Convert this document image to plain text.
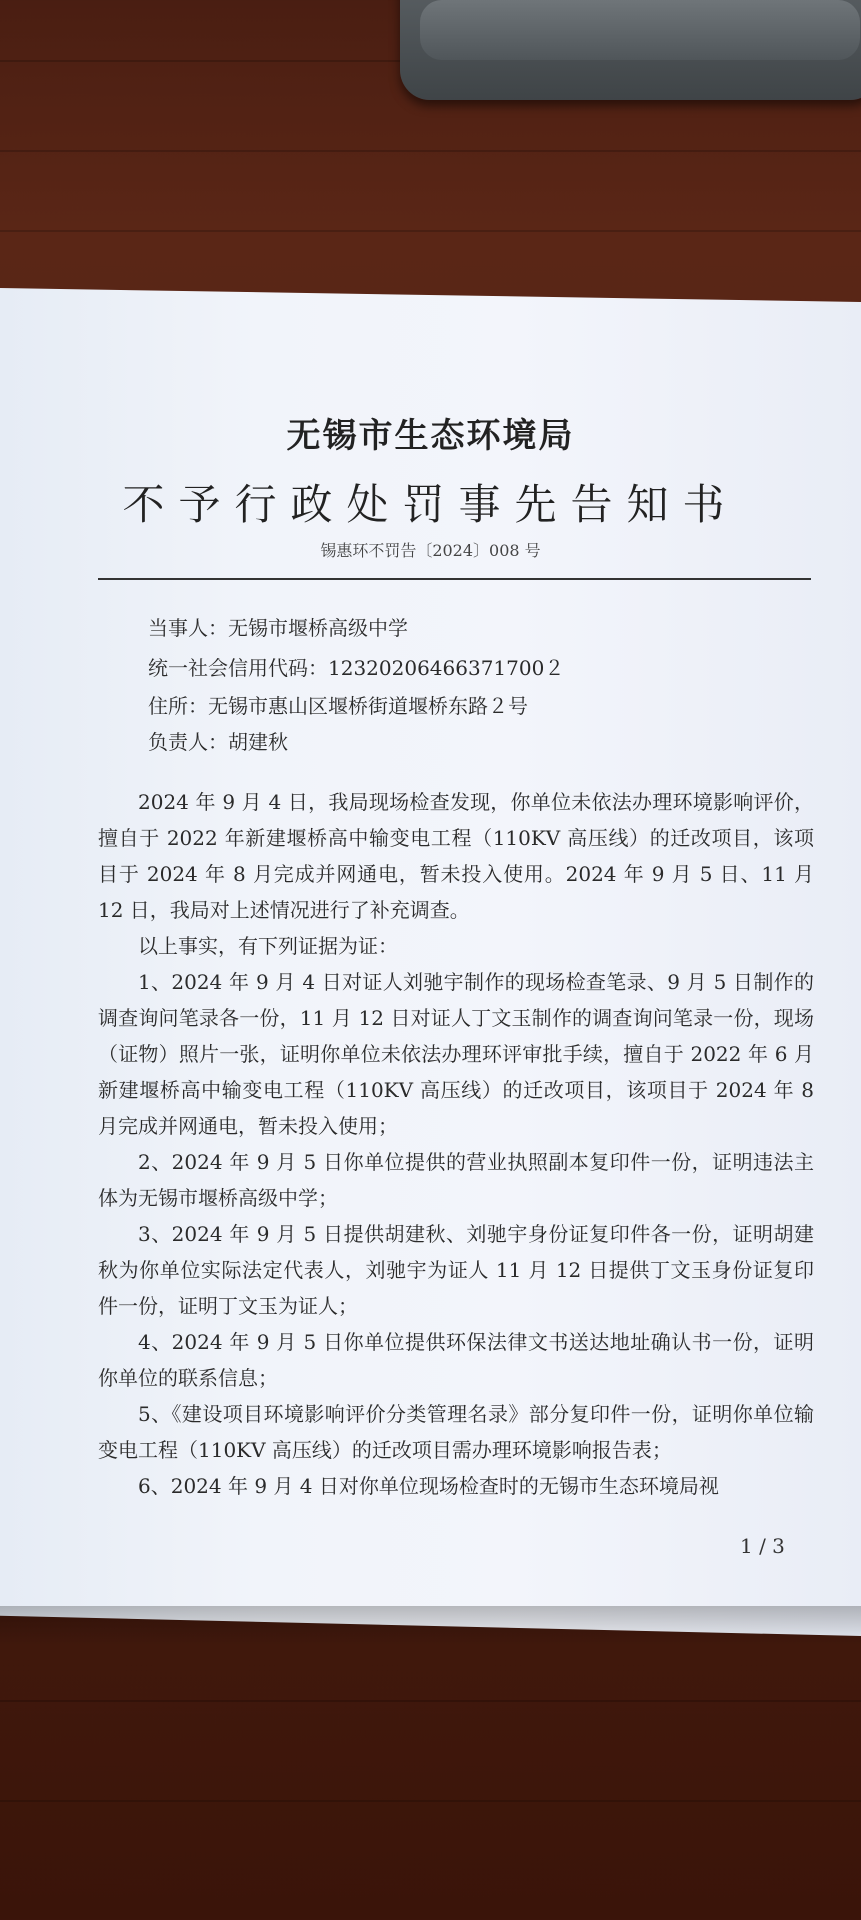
无锡市生态环境局
不予行政处罚事先告知书
锡惠环不罚告〔2024〕008 号
当事人：无锡市堰桥高级中学
统一社会信用代码：12320206466371700２
住所：无锡市惠山区堰桥街道堰桥东路２号
负责人：胡建秋

2024 年 9 月 4 日，我局现场检查发现，你单位未依法办理环境影响评价，擅自于 2022 年新建堰桥高中输变电工程（110KV 高压线）的迁改项目，该项目于 2024 年 8 月完成并网通电，暂未投入使用。2024 年 9 月 5 日、11 月 12 日，我局对上述情况进行了补充调查。

以上事实，有下列证据为证：

1、2024 年 9 月 4 日对证人刘驰宇制作的现场检查笔录、9 月 5 日制作的调查询问笔录各一份，11 月 12 日对证人丁文玉制作的调查询问笔录一份，现场（证物）照片一张，证明你单位未依法办理环评审批手续，擅自于 2022 年 6 月新建堰桥高中输变电工程（110KV 高压线）的迁改项目，该项目于 2024 年 8 月完成并网通电，暂未投入使用；

2、2024 年 9 月 5 日你单位提供的营业执照副本复印件一份，证明违法主体为无锡市堰桥高级中学；

3、2024 年 9 月 5 日提供胡建秋、刘驰宇身份证复印件各一份，证明胡建秋为你单位实际法定代表人，刘驰宇为证人 11 月 12 日提供丁文玉身份证复印件一份，证明丁文玉为证人；

4、2024 年 9 月 5 日你单位提供环保法律文书送达地址确认书一份，证明你单位的联系信息；

5、《建设项目环境影响评价分类管理名录》部分复印件一份，证明你单位输变电工程（110KV 高压线）的迁改项目需办理环境影响报告表；

6、2024 年 9 月 4 日对你单位现场检查时的无锡市生态环境局视

1 / 3
